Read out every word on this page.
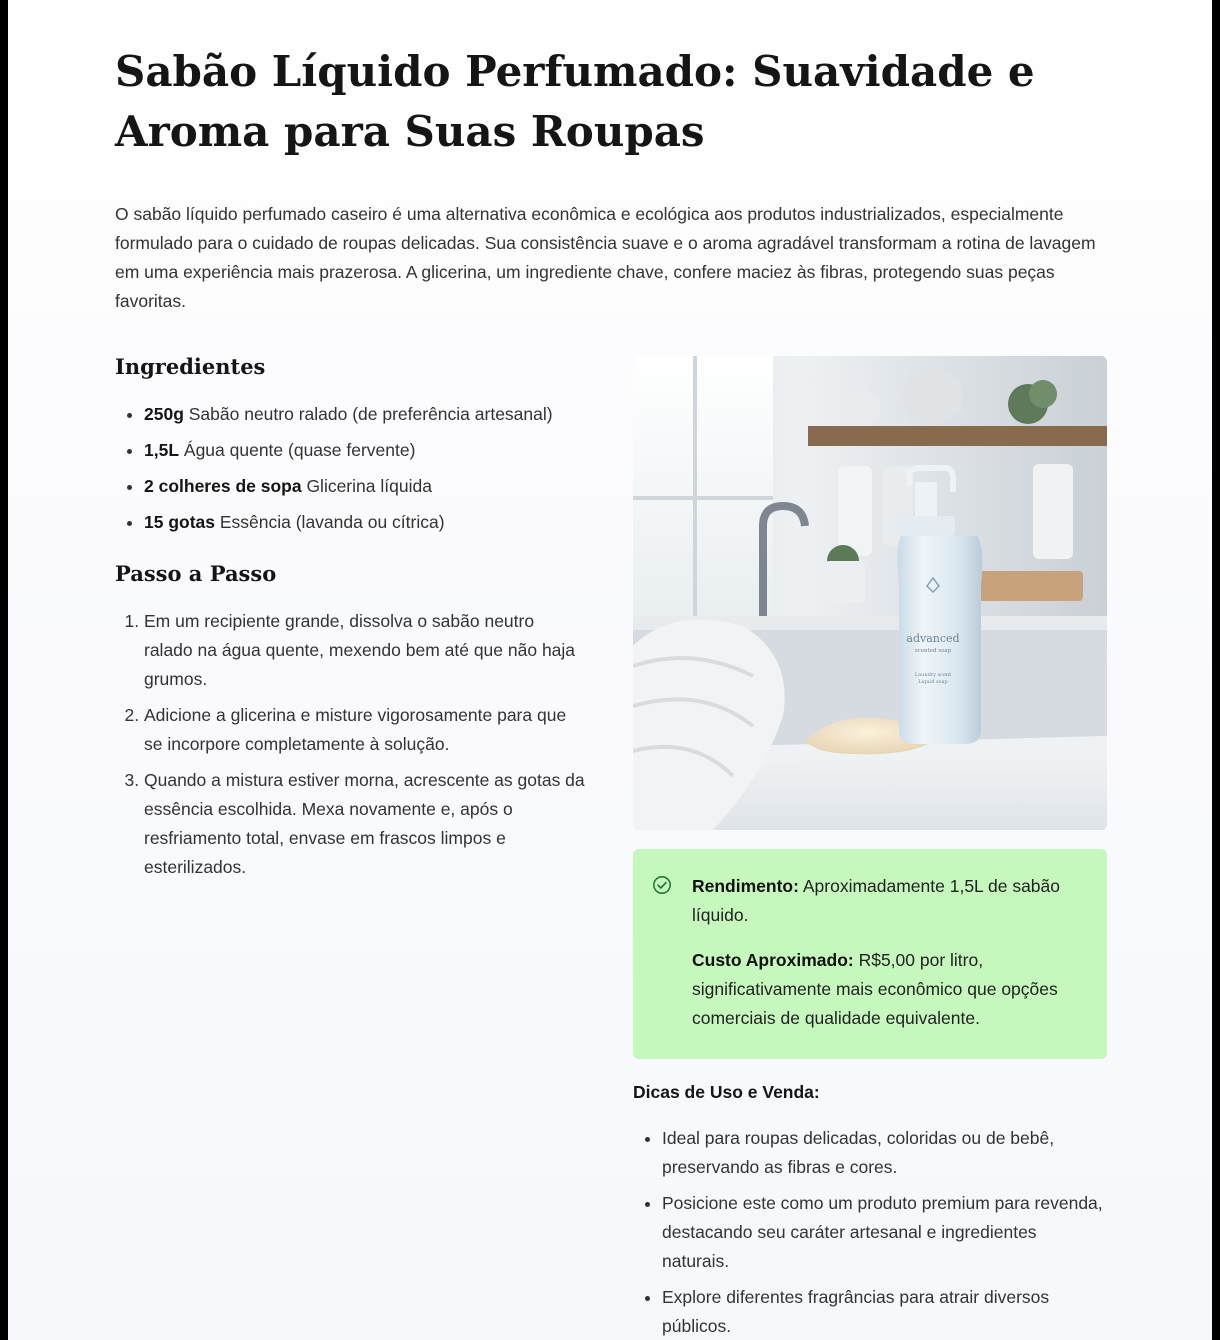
Sabão Líquido Perfumado: Suavidade e Aroma para Suas Roupas

O sabão líquido perfumado caseiro é uma alternativa econômica e ecológica aos produtos industrializados, especialmente formulado para o cuidado de roupas delicadas. Sua consistência suave e o aroma agradável transformam a rotina de lavagem em uma experiência mais prazerosa. A glicerina, um ingrediente chave, confere maciez às fibras, protegendo suas peças favoritas.

Ingredientes
• 250g Sabão neutro ralado (de preferência artesanal)
• 1,5L Água quente (quase fervente)
• 2 colheres de sopa Glicerina líquida
• 15 gotas Essência (lavanda ou cítrica)
Passo a Passo
1. Em um recipiente grande, dissolva o sabão neutro ralado na água quente, mexendo bem até que não haja grumos.
2. Adicione a glicerina e misture vigorosamente para que se incorpore completamente à solução.
3. Quando a mistura estiver morna, acrescente as gotas da essência escolhida. Mexa novamente e, após o resfriamento total, envase em frascos limpos e esterilizados.
advanced
scented soap
Laundry scent
Liquid soap

Rendimento: Aproximadamente 1,5L de sabão líquido.

Custo Aproximado: R$5,00 por litro, significativamente mais econômico que opções comerciais de qualidade equivalente.

Dicas de Uso e Venda:
• Ideal para roupas delicadas, coloridas ou de bebê, preservando as fibras e cores.
• Posicione este como um produto premium para revenda, destacando seu caráter artesanal e ingredientes naturais.
• Explore diferentes fragrâncias para atrair diversos públicos.
